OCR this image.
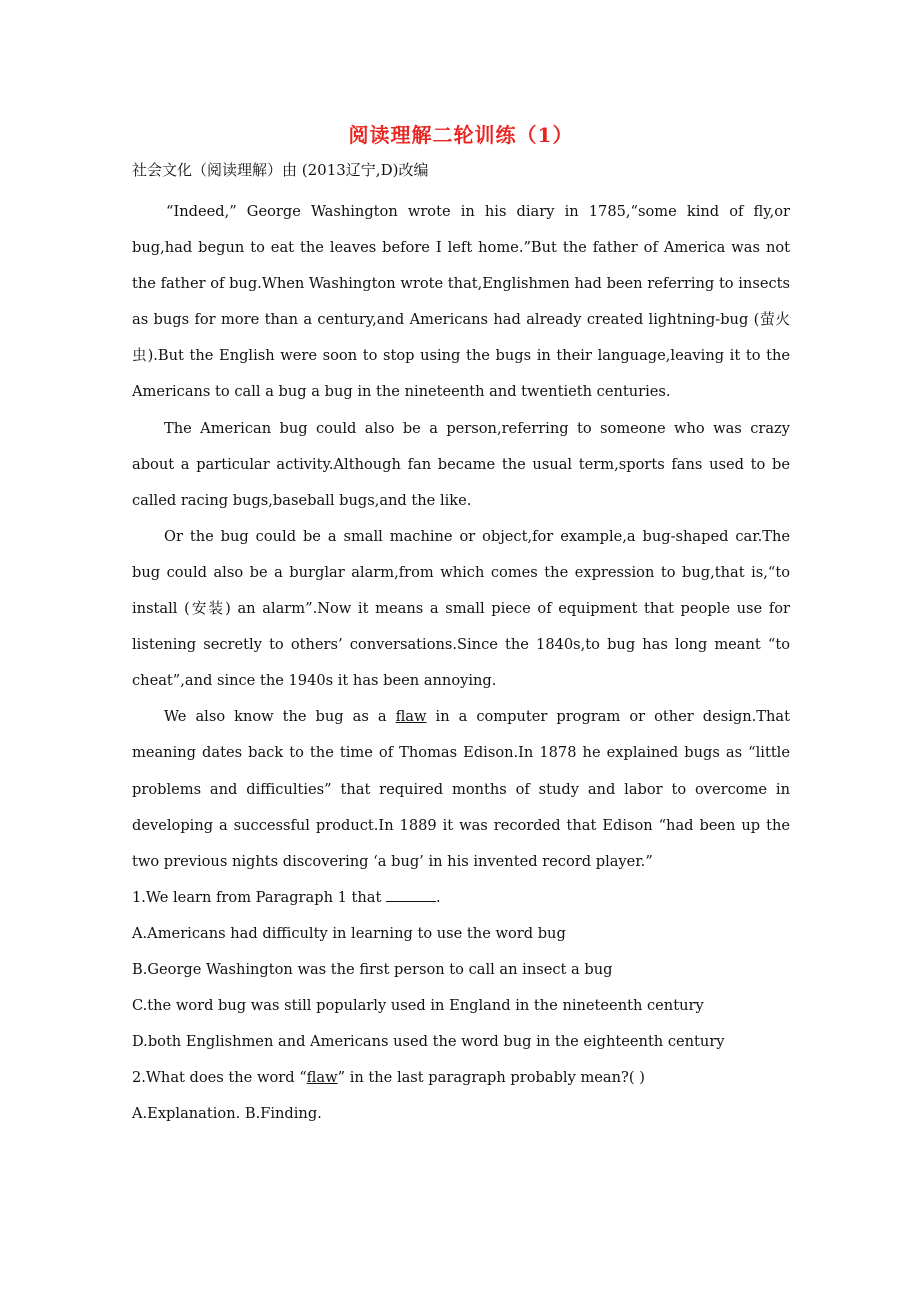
阅读理解二轮训练（1）
社会文化（阅读理解）由 (2013辽宁,D)改编

“Indeed,” George Washington wrote in his diary in 1785,“some kind of fly,or bug,had begun to eat the leaves before I left home.”But the father of America was not the father of bug.When Washington wrote that,Englishmen had been referring to insects as bugs for more than a century,and Americans had already created lightning-bug (萤火虫).But the English were soon to stop using the bugs in their language,leaving it to the Americans to call a bug a bug in the nineteenth and twentieth centuries.

The American bug could also be a person,referring to someone who was crazy about a particular activity.Although fan became the usual term,sports fans used to be called racing bugs,baseball bugs,and the like.

Or the bug could be a small machine or object,for example,a bug-shaped car.The bug could also be a burglar alarm,from which comes the expression to bug,that is,“to install (安装) an alarm”.Now it means a small piece of equipment that people use for listening secretly to others’ conversations.Since the 1840s,to bug has long meant “to cheat”,and since the 1940s it has been annoying.

We also know the bug as a flaw in a computer program or other design.That meaning dates back to the time of Thomas Edison.In 1878 he explained bugs as “little problems and difficulties” that required months of study and labor to overcome in developing a successful product.In 1889 it was recorded that Edison “had been up the two previous nights discovering ‘a bug’ in his invented record player.”

1.We learn from Paragraph 1 that	.
A.Americans had difficulty in learning to use the word bug
B.George Washington was the first person to call an insect a bug
C.the word bug was still popularly used in England in the nineteenth century
D.both Englishmen and Americans used the word bug in the eighteenth century
2.What does the word “flaw” in the last paragraph probably mean?( )
A.Explanation. B.Finding.
